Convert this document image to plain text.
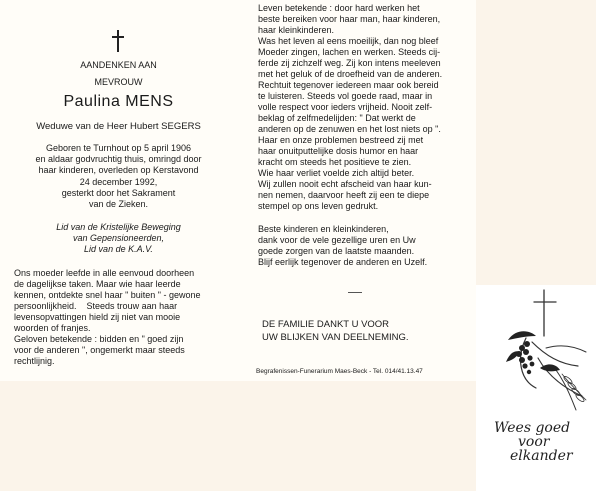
AANDENKEN AAN
MEVROUW
Paulina MENS
Weduwe van de Heer Hubert SEGERS
Geboren te Turnhout op 5 april 1906
en aldaar godvruchtig thuis, omringd door
haar kinderen, overleden op Kerstavond
24 december 1992,
gesterkt door het Sakrament
van de Zieken.
Lid van de Kristelijke Beweging
van Gepensioneerden,
Lid van de K.A.V.
Ons moeder leefde in alle eenvoud doorheen
de dagelijkse taken. Maar wie haar leerde
kennen, ontdekte snel haar " buiten " - gewone
persoonlijkheid.    Steeds trouw aan haar
levensopvattingen hield zij niet van mooie
woorden of franjes.
Geloven betekende : bidden en " goed zijn
voor de anderen ", ongemerkt maar steeds
rechtlijnig.
Leven betekende : door hard werken het
beste bereiken voor haar man, haar kinderen,
haar kleinkinderen.
Was het leven al eens moeilijk, dan nog bleef
Moeder zingen, lachen en werken. Steeds cij-
ferde zij zichzelf weg. Zij kon intens meeleven
met het geluk of de droefheid van de anderen.
Rechtuit tegenover iedereen maar ook bereid
te luisteren. Steeds vol goede raad, maar in
volle respect voor ieders vrijheid. Nooit zelf-
beklag of zelfmedelijden: " Dat werkt de
anderen op de zenuwen en het lost niets op ".
Haar en onze problemen bestreed zij met
haar onuitputtelijke dosis humor en haar
kracht om steeds het positieve te zien.
Wie haar verliet voelde zich altijd beter.
Wij zullen nooit echt afscheid van haar kun-
nen nemen, daarvoor heeft zij een te diepe
stempel op ons leven gedrukt.
Beste kinderen en kleinkinderen,
dank voor de vele gezellige uren en Uw
goede zorgen van de laatste maanden.
Blijf eerlijk tegenover de anderen en Uzelf.
DE FAMILIE DANKT U VOOR
UW BLIJKEN VAN DEELNEMING.
Begrafenissen-Funerarium Maes-Beck - Tel. 014/41.13.47
Wees goed
voor
elkander
